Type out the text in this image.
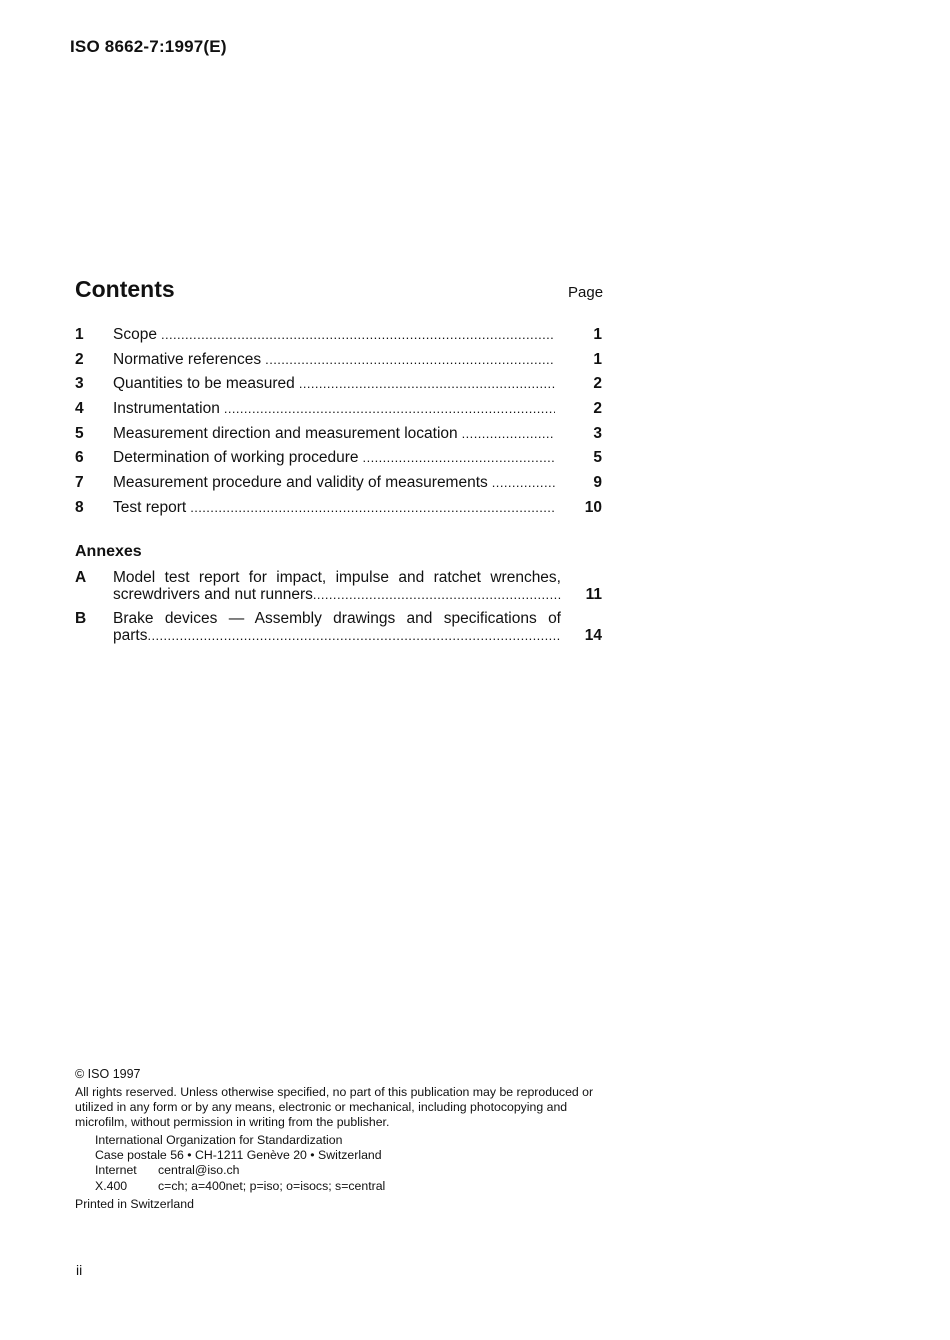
ISO 8662-7:1997(E)
Contents	Page
1	Scope .....	1
2	Normative references .....	1
3	Quantities to be measured .....	2
4	Instrumentation .....	2
5	Measurement direction and measurement location .....	3
6	Determination of working procedure .....	5
7	Measurement procedure and validity of measurements .....	9
8	Test report .....	10
Annexes
A	Model test report for impact, impulse and ratchet wrenches,
screwdrivers and nut runners .....	11
B	Brake devices — Assembly drawings and specifications of
parts .....	14
© ISO 1997
All rights reserved. Unless otherwise specified, no part of this publication may be reproduced or utilized in any form or by any means, electronic or mechanical, including photocopying and microfilm, without permission in writing from the publisher.
International Organization for Standardization
Case postale 56 • CH-1211 Genève 20 • Switzerland
Internet central@iso.ch
X.400	c=ch; a=400net; p=iso; o=isocs; s=central
Printed in Switzerland
ii
